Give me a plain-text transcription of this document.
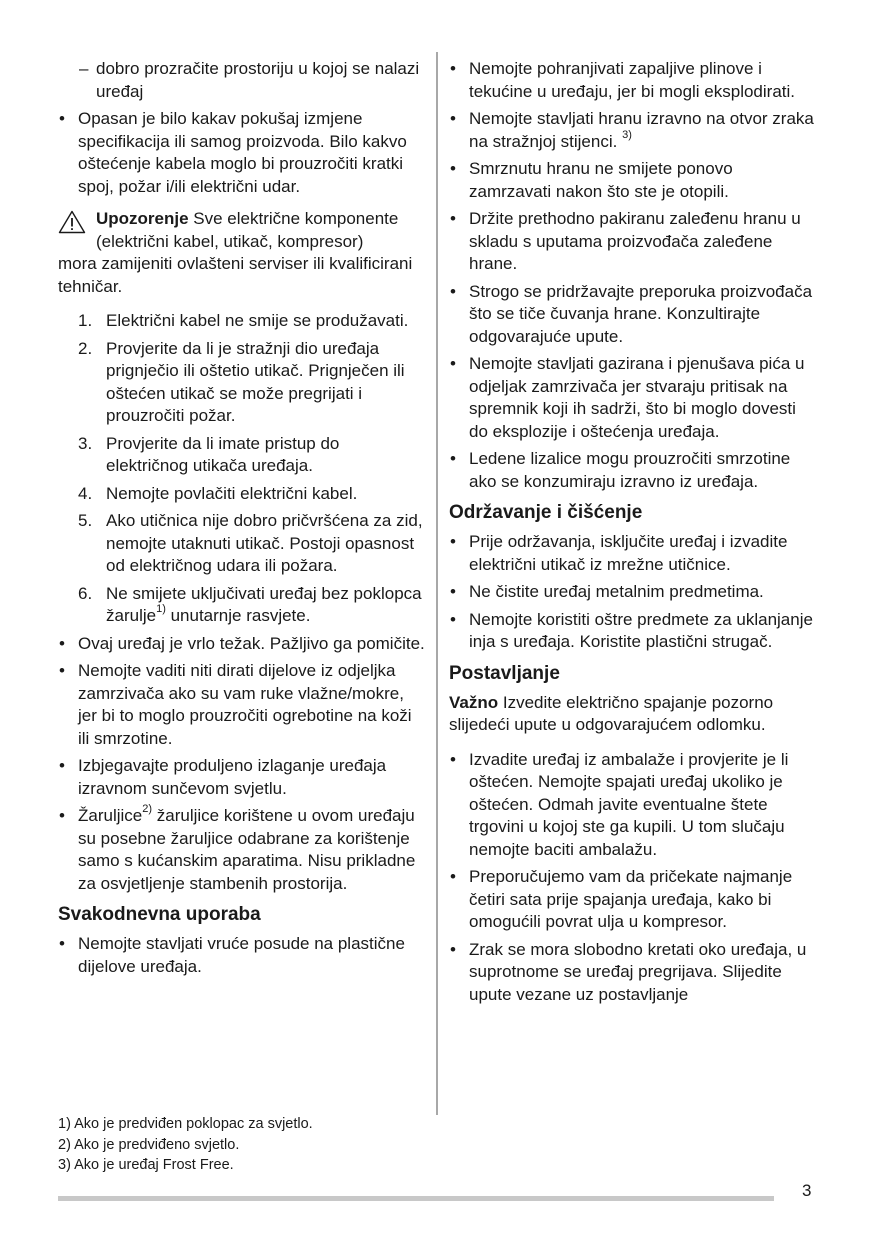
– dobro prozračite prostoriju u kojoj se nalazi uređaj
• Opasan je bilo kakav pokušaj izmjene specifikacija ili samog proizvoda. Bilo kakvo oštećenje kabela moglo bi prouzročiti kratki spoj, požar i/ili električni udar.
Upozorenje Sve električne komponente (električni kabel, utikač, kompresor)
mora zamijeniti ovlašteni serviser ili kvalificirani tehničar.
1. Električni kabel ne smije se produžavati.
2. Provjerite da li je stražnji dio uređaja prignječio ili oštetio utikač. Prignječen ili oštećen utikač se može pregrijati i prouzročiti požar.
3. Provjerite da li imate pristup do električnog utikača uređaja.
4. Nemojte povlačiti električni kabel.
5. Ako utičnica nije dobro pričvršćena za zid, nemojte utaknuti utikač. Postoji opasnost od električnog udara ili požara.
6. Ne smijete uključivati uređaj bez poklopca žarulje$^{1)}$ unutarnje rasvjete.
• Ovaj uređaj je vrlo težak. Pažljivo ga pomičite.
• Nemojte vaditi niti dirati dijelove iz odjeljka zamrzivača ako su vam ruke vlažne/mokre, jer bi to moglo prouzročiti ogrebotine na koži ili smrzotine.
• Izbjegavajte produljeno izlaganje uređaja izravnom sunčevom svjetlu.
• Žarulјice$^{2)}$ žarulјice korištene u ovom uređaju su posebne žarulјice odabrane za korištenje samo s kućanskim aparatima. Nisu prikladne za osvjetlјenje stambenih prostorija.
Svakodnevna uporaba
• Nemojte stavljati vruće posude na plastične dijelove uređaja.
• Nemojte pohranjivati zapaljive plinove i tekućine u uređaju, jer bi mogli eksplodirati.
• Nemojte stavljati hranu izravno na otvor zraka na stražnjoj stijenci. $^{3)}$
• Smrznutu hranu ne smijete ponovo zamrzavati nakon što ste je otopili.
• Držite prethodno pakiranu zaleđenu hranu u skladu s uputama proizvođača zaleđene hrane.
• Strogo se pridržavajte preporuka proizvođača što se tiče čuvanja hrane. Konzultirajte odgovarajuće upute.
• Nemojte stavljati gazirana i pjenušava pića u odjeljak zamrzivača jer stvaraju pritisak na spremnik koji ih sadrži, što bi moglo dovesti do eksplozije i oštećenja uređaja.
• Ledene lizalice mogu prouzročiti smrzotine ako se konzumiraju izravno iz uređaja.
Održavanje i čišćenje
• Prije održavanja, isključite uređaj i izvadite električni utikač iz mrežne utičnice.
• Ne čistite uređaj metalnim predmetima.
• Nemojte koristiti oštre predmete za uklanjanje inja s uređaja. Koristite plastični strugač.
Postavljanje
Važno Izvedite električno spajanje pozorno slijedeći upute u odgovarajućem odlomku.
• Izvadite uređaj iz ambalaže i provjerite je li oštećen. Nemojte spajati uređaj ukoliko je oštećen. Odmah javite eventualne štete trgovini u kojoj ste ga kupili. U tom slučaju nemojte baciti ambalažu.
• Preporučujemo vam da pričekate najmanje četiri sata prije spajanja uređaja, kako bi omogućili povrat ulja u kompresor.
• Zrak se mora slobodno kretati oko uređaja, u suprotnome se uređaj pregrijava. Slijedite upute vezane uz postavljanje
1) Ako je predviđen poklopac za svjetlo.
2) Ako je predviđeno svjetlo.
3) Ako je uređaj Frost Free.
3
